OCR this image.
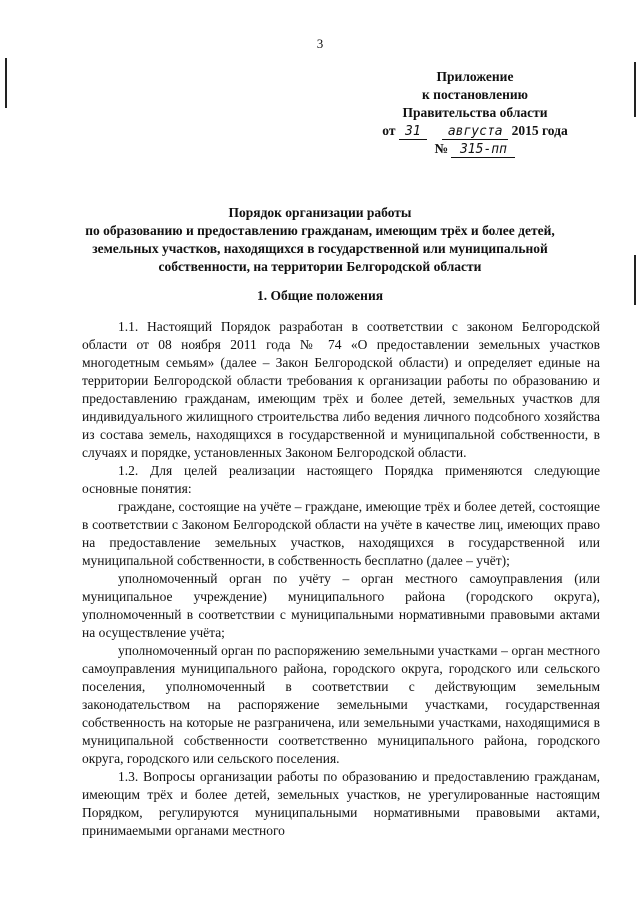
3
Приложение
к постановлению
Правительства области
от 31 августа 2015 года
№ 315-пп
Порядок организации работы
по образованию и предоставлению гражданам, имеющим трёх и более детей,
земельных участков, находящихся в государственной или муниципальной
собственности, на территории Белгородской области
1. Общие положения

1.1. Настоящий Порядок разработан в соответствии с законом Белгородской области от 08 ноября 2011 года № 74 «О предоставлении земельных участков многодетным семьям» (далее – Закон Белгородской области) и определяет единые на территории Белгородской области требования к организации работы по образованию и предоставлению гражданам, имеющим трёх и более детей, земельных участков для индивидуального жилищного строительства либо ведения личного подсобного хозяйства из состава земель, находящихся в государственной и муниципальной собственности, в случаях и порядке, установленных Законом Белгородской области.

1.2. Для целей реализации настоящего Порядка применяются следующие основные понятия:

граждане, состоящие на учёте – граждане, имеющие трёх и более детей, состоящие в соответствии с Законом Белгородской области на учёте в качестве лиц, имеющих право на предоставление земельных участков, находящихся в государственной или муниципальной собственности, в собственность бесплатно (далее – учёт);

уполномоченный орган по учёту – орган местного самоуправления (или муниципальное учреждение) муниципального района (городского округа), уполномоченный в соответствии с муниципальными нормативными правовыми актами на осуществление учёта;

уполномоченный орган по распоряжению земельными участками – орган местного самоуправления муниципального района, городского округа, городского или сельского поселения, уполномоченный в соответствии с действующим земельным законодательством на распоряжение земельными участками, государственная собственность на которые не разграничена, или земельными участками, находящимися в муниципальной собственности соответственно муниципального района, городского округа, городского или сельского поселения.

1.3. Вопросы организации работы по образованию и предоставлению гражданам, имеющим трёх и более детей, земельных участков, не урегулированные настоящим Порядком, регулируются муниципальными нормативными правовыми актами, принимаемыми органами местного
